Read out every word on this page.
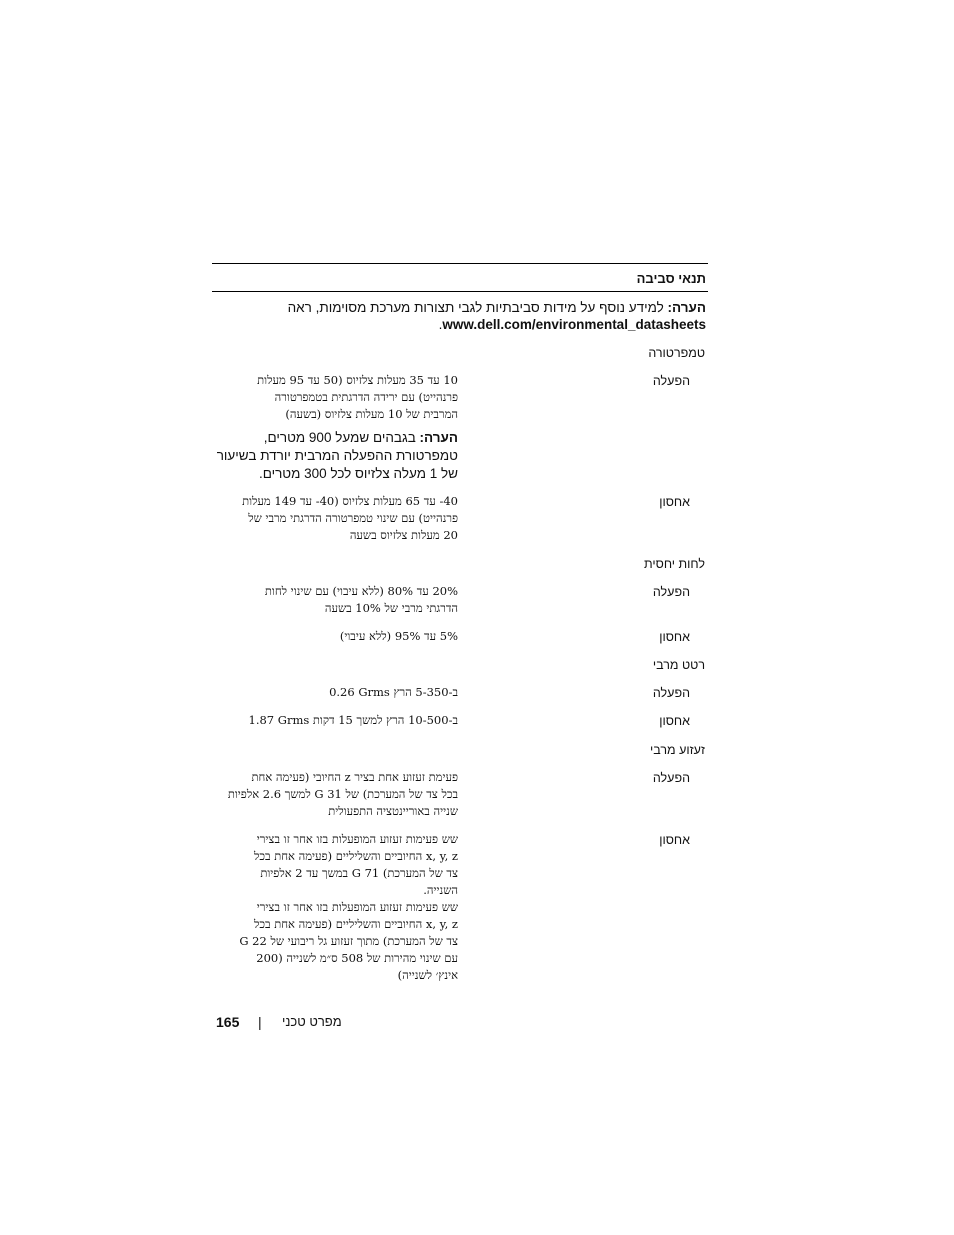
תנאי סביבה
הערה: למידע נוסף על מידות סביבתיות לגבי תצורות מערכת מסוימות, ראה
.www.dell.com/environmental_datasheets
טמפרטורה
הפעלה

10 עד 35 מעלות צלזיוס (50 עד 95 מעלות

פרנהייט) עם ירידה הדרגתית בטמפרטורה

המרבית של 10 מעלות צלזיוס (בשעה)

הערה: בגבהים שמעל 900 מטרים,
טמפרטורת ההפעלה המרבית יורדת בשיעור
של 1 מעלה צלזיוס לכל 300 מטרים.
אחסון

40- עד 65 מעלות צלזיוס (40- עד 149 מעלות

פרנהייט) עם שינוי טמפרטורה הדרגתי מרבי של

20 מעלות צלזיוס בשעה

לחות יחסית
הפעלה

20% עד 80% (ללא עיבוי) עם שינוי לחות

הדרגתי מרבי של 10% בשעה

אחסון

5% עד 95% (ללא עיבוי)

רטט מרבי
הפעלה
0.26 Grms ב-5-350 הרץ
אחסון
1.87 Grms ב-10-500 הרץ למשך 15 דקות
זעזוע מרבי
הפעלה

פעימת זעזוע אחת בציר z החיובי (פעימה אחת

בכל צד של המערכת) של G 31 למשך 2.6 אלפיות

שנייה באוריינטציה התפעולית

אחסון

שש פעימות זעזוע המופעלות בזו אחר זו בצירי

x, y, z החיוביים והשליליים (פעימה אחת בכל

צד של המערכת) G 71 במשך עד 2 אלפיות

השנייה.

שש פעימות זעזוע המופעלות בזו אחר זו בצירי

x, y, z החיוביים והשליליים (פעימה אחת בכל

צד של המערכת) מתוך זעזוע גל ריבועי של G 22

עם שינוי מהירות של 508 ס״מ לשנייה (200

אינץ׳ לשנייה)

165 | מפרט טכני
